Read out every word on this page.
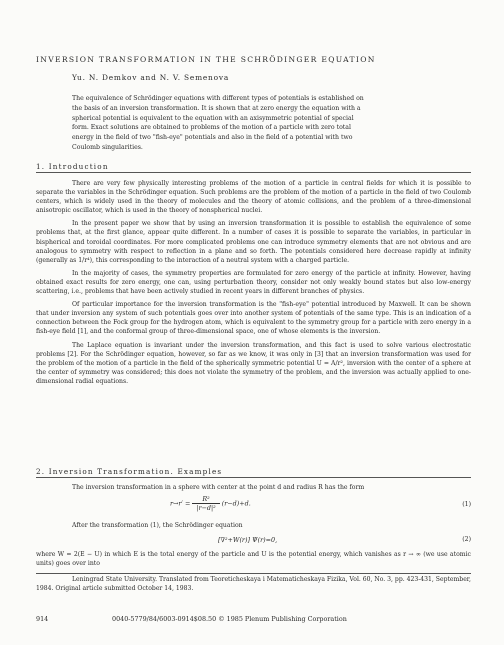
INVERSION TRANSFORMATION IN THE SCHRÖDINGER EQUATION
Yu. N. Demkov and N. V. Semenova

The equivalence of Schrödinger equations with different types of potentials is established on the basis of an inversion transformation. It is shown that at zero energy the equation with a spherical potential is equivalent to the equation with an axisymmetric potential of special form. Exact solutions are obtained to problems of the motion of a particle with zero total energy in the field of two "fish-eye" potentials and also in the field of a potential with two Coulomb singularities.

1. Introduction

There are very few physically interesting problems of the motion of a particle in central fields for which it is possible to separate the variables in the Schrödinger equation. Such problems are the problem of the motion of a particle in the field of two Coulomb centers, which is widely used in the theory of molecules and the theory of atomic collisions, and the problem of a three-dimensional anisotropic oscillator, which is used in the theory of nonspherical nuclei.

In the present paper we show that by using an inversion transformation it is possible to establish the equivalence of some problems that, at the first glance, appear quite different. In a number of cases it is possible to separate the variables, in particular in bispherical and toroidal coordinates. For more complicated problems one can introduce symmetry elements that are not obvious and are analogous to symmetry with respect to reflection in a plane and so forth. The potentials considered here decrease rapidly at infinity (generally as 1/r⁴), this corresponding to the interaction of a neutral system with a charged particle.

In the majority of cases, the symmetry properties are formulated for zero energy of the particle at infinity. However, having obtained exact results for zero energy, one can, using perturbation theory, consider not only weakly bound states but also low-energy scattering, i.e., problems that have been actively studied in recent years in different branches of physics.

Of particular importance for the inversion transformation is the "fish-eye" potential introduced by Maxwell. It can be shown that under inversion any system of such potentials goes over into another system of potentials of the same type. This is an indication of a connection between the Fock group for the hydrogen atom, which is equivalent to the symmetry group for a particle with zero energy in a fish-eye field [1], and the conformal group of three-dimensional space, one of whose elements is the inversion.

The Laplace equation is invariant under the inversion transformation, and this fact is used to solve various electrostatic problems [2]. For the Schrödinger equation, however, so far as we know, it was only in [3] that an inversion transformation was used for the problem of the motion of a particle in the field of the spherically symmetric potential U = A/r², inversion with the center of a sphere at the center of symmetry was considered; this does not violate the symmetry of the problem, and the inversion was actually applied to one-dimensional radial equations.

2. Inversion Transformation. Examples

The inversion transformation in a sphere with center at the point d and radius R has the form

$r\to r' = \frac{\text{R²}}{\text{|r−d|²}} (r-d)+d$.	(1)

After the transformation (1), the Schrödinger equation

[∇²+W(r)] Ψ(r)=0,	(2)

where W = 2(E − U) in which E is the total energy of the particle and U is the potential energy, which vanishes as r → ∞ (we use atomic units) goes over into

Leningrad State University. Translated from Teoreticheskaya i Matematicheskaya Fizika, Vol. 60, No. 3, pp. 423-431, September, 1984. Original article submitted October 14, 1983.
914	0040-5779/84/6003-0914$08.50 © 1985 Plenum Publishing Corporation
